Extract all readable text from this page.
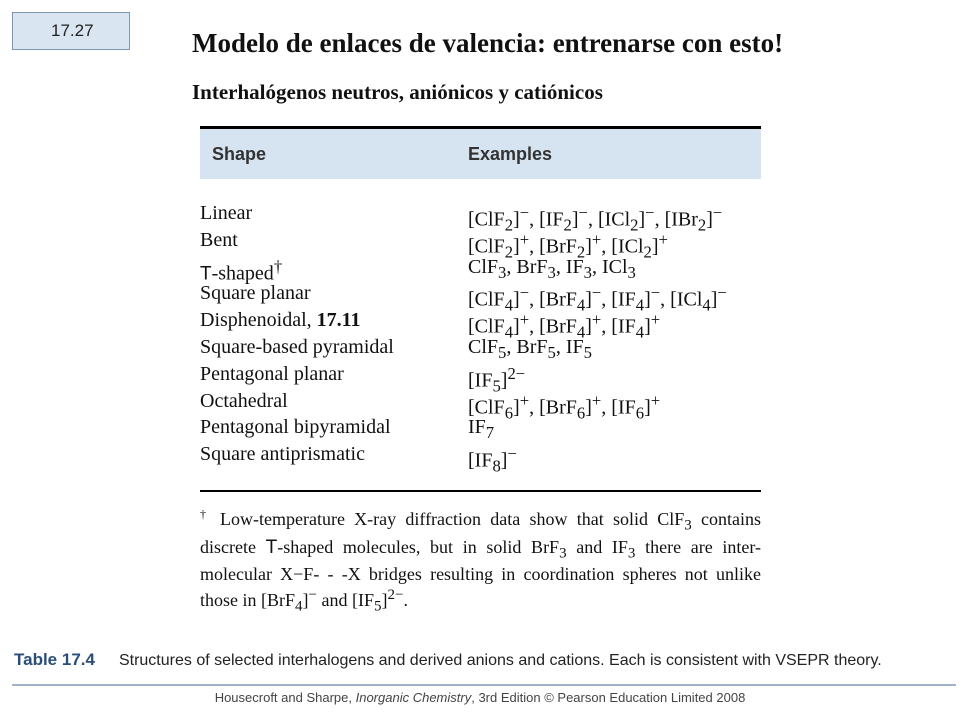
17.27	Modelo de enlaces de valencia: entrenarse con esto!
Interhalógenos neutros, aniónicos y catiónicos
Shape	Examples
Linear	[ClF$_2$]−, $[IF_2]^-$, [ICl$_2$]−, [IBr$_2$]−
Bent	[ClF$_2$]+, [BrF$_2$]+, [ICl$_2$]+
T-shaped†	ClF$_3$, BrF$_3$, $IF_3$, ICl$_3$
Square planar	[ClF$_4$]−, [BrF$_4$]−, $[IF_4]^-$, [ICl$_4$]−
Disphenoidal, 17.11	[ClF$_4$]+, [BrF$_4$]+, $[IF_4]^+$
Square-based pyramidal	ClF$_5$, BrF$_5$, $IF_5$
Pentagonal planar	$[IF_5]^{2-}$
Octahedral	[ClF$_6$]+, [BrF$_6$]+, $[IF_6]^+$
Pentagonal bipyramidal	$IF_7$
Square antiprismatic	$[IF_8]^-$
† Low-temperature X-ray diffraction data show that solid ClF$_3$ contains discrete T-shaped molecules, but in solid BrF$_3$ and $IF_3$ there are inter-molecular X−F- - -X bridges resulting in coordination spheres not unlike those in [BrF$_4$]− and $[IF_5]^{2-}$.
Table 17.4 Structures of selected interhalogens and derived anions and cations. Each is consistent with VSEPR theory.
Housecroft and Sharpe, Inorganic Chemistry, 3rd Edition © Pearson Education Limited 2008
